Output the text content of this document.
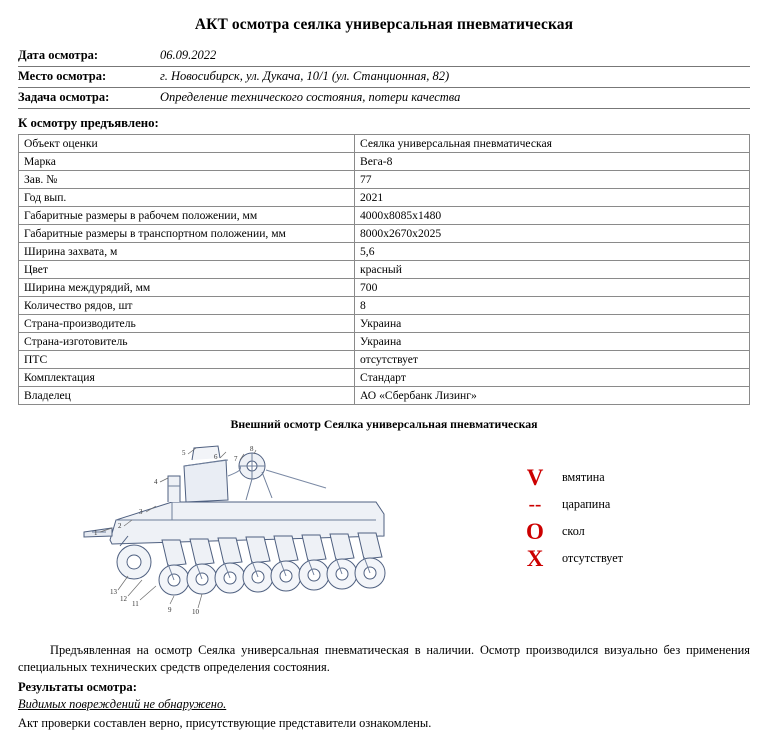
АКТ осмотра сеялка универсальная пневматическая
Дата осмотра:	06.09.2022
Место осмотра:	г. Новосибирск, ул. Дукача, 10/1 (ул. Станционная, 82)
Задача осмотра:	Определение технического состояния, потери качества
К осмотру предъявлено:
Объект оценки	Сеялка универсальная пневматическая
Марка	Вега-8
Зав. №	77
Год вып.	2021
Габаритные размеры в рабочем положении, мм	4000х8085х1480
Габаритные размеры в транспортном положении, мм	8000х2670х2025
Ширина захвата, м	5,6
Цвет	красный
Ширина междурядий, мм	700
Количество рядов, шт	8
Страна-производитель	Украина
Страна-изготовитель	Украина
ПТС	отсутствует
Комплектация	Стандарт
Владелец	АО «Сбербанк Лизинг»
Внешний осмотр Сеялка универсальная пневматическая
1
2
3
4
5	6 7
8
9	10
11
12
13
V	вмятина
--	царапина
O	скол
X	отсутствует
Предъявленная на осмотр Сеялка универсальная пневматическая в наличии. Осмотр производился визуально без применения специальных технических средств определения состояния.
Результаты осмотра:
Видимых повреждений не обнаружено.
Акт проверки составлен верно, присутствующие представители ознакомлены.
